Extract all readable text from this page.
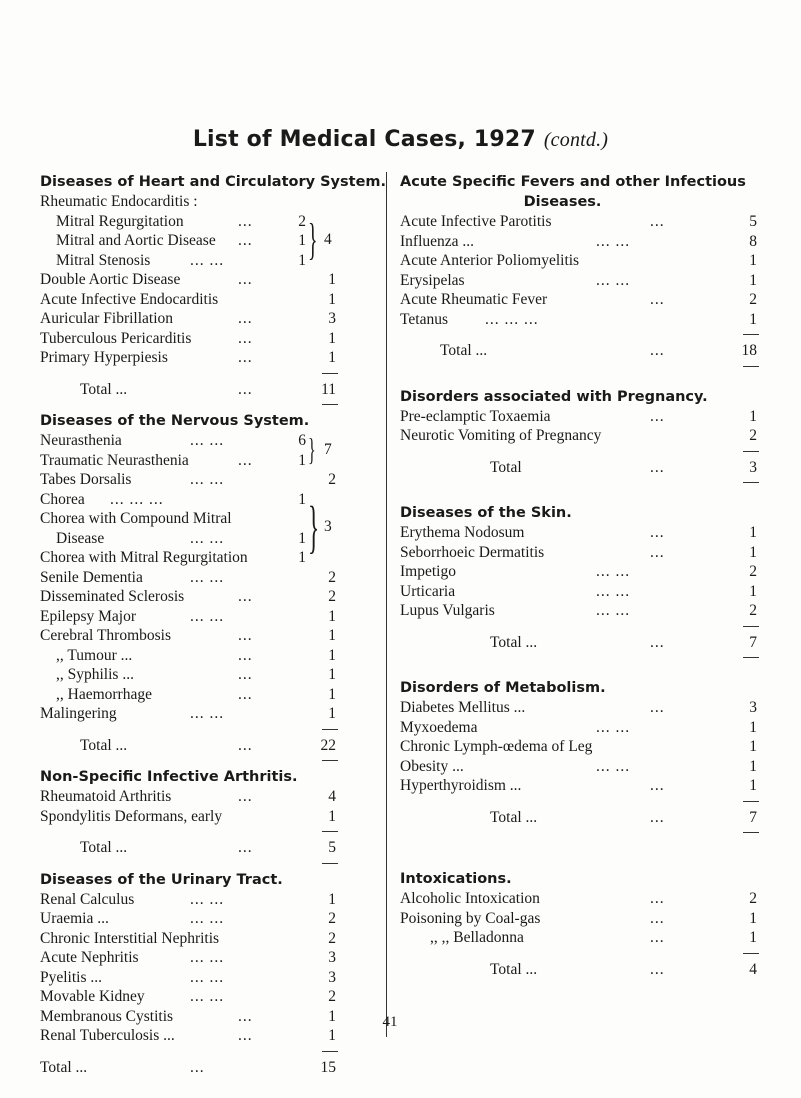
List of Medical Cases, 1927 (contd.)
Diseases of Heart and Circulatory System.
Rheumatic Endocarditis :
Mitral Regurgitation	...	2
Mitral and Aortic Disease ...	1
Mitral Stenosis	... ...	1 } 4
Double Aortic Disease	...	1
Acute Infective Endocarditis	1
Auricular Fibrillation	...	3
Tuberculous Pericarditis	...	1
Primary Hyperpiesis	...	1
Total ...	...	11
Diseases of the Nervous System.
Neurasthenia	... ...	6
Traumatic Neurasthenia	...	1 } 7
Tabes Dorsalis	... ...	2
Chorea ... ... ...	1
Chorea with Compound Mitral
Disease	... ...	1
Chorea with Mitral Regurgitation	1 } 3
Senile Dementia	... ...	2
Disseminated Sclerosis	...	2
Epilepsy Major	... ...	1
Cerebral Thrombosis	...	1
,, Tumour ...	...	1
,, Syphilis ...	...	1
,, Haemorrhage	...	1
Malingering	... ...	1
Total ...	...	22
Non-Specific Infective Arthritis.
Rheumatoid Arthritis	...	4
Spondylitis Deformans, early	1
Total ...	...	5
Diseases of the Urinary Tract.
Renal Calculus	... ...	1
Uraemia ...	... ...	2
Chronic Interstitial Nephritis	2
Acute Nephritis	... ...	3
Pyelitis ...	... ...	3
Movable Kidney	... ...	2
Membranous Cystitis	...	1
Renal Tuberculosis ...	...	1
Total ...	...	15
Acute Specific Fevers and other Infectious
Diseases.
Acute Infective Parotitis	...	5
Influenza ...	... ...	8
Acute Anterior Poliomyelitis	1
Erysipelas	... ...	1
Acute Rheumatic Fever	...	2
Tetanus ... ... ...	1
Total ...	...	18
Disorders associated with Pregnancy.
Pre-eclamptic Toxaemia	...	1
Neurotic Vomiting of Pregnancy	2
Total	...	3
Diseases of the Skin.
Erythema Nodosum	...	1
Seborrhoeic Dermatitis	...	1
Impetigo	... ...	2
Urticaria	... ...	1
Lupus Vulgaris	... ...	2
Total ...	...	7
Disorders of Metabolism.
Diabetes Mellitus ...	...	3
Myxoedema	... ...	1
Chronic Lymph-œdema of Leg	1
Obesity ...	... ...	1
Hyperthyroidism ...	...	1
Total ...	...	7
Intoxications.
Alcoholic Intoxication	...	2
Poisoning by Coal-gas	...	1
,, ,, Belladonna	...	1
Total ...	...	4
41
